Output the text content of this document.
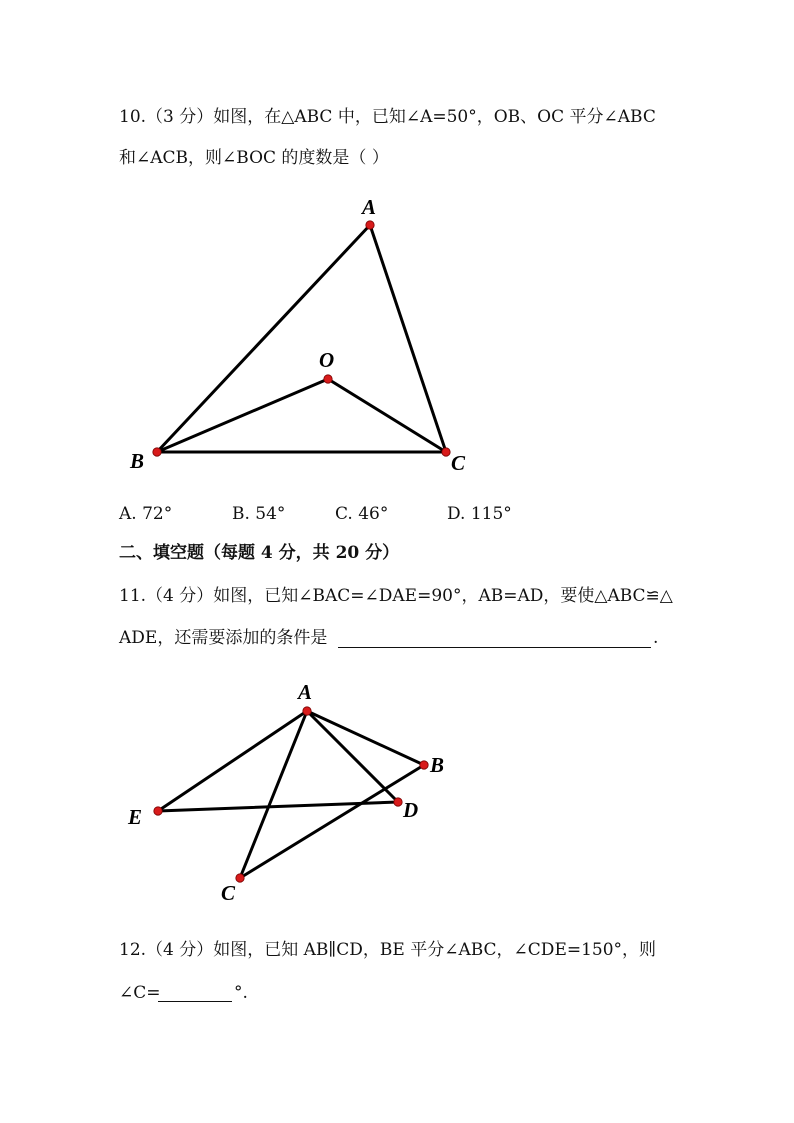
10.（3 分）如图，在△ABC 中，已知∠A=50°，OB、OC 平分∠ABC
和∠ACB，则∠BOC 的度数是（ ）
A
O
B	C
A. 72°	B. 54°	C. 46°	D. 115°
二、填空题（每题 4 分，共 20 分）
11.（4 分）如图，已知∠BAC=∠DAE=90°，AB=AD，要使△ABC≌△
ADE，还需要添加的条件是	.
A
B
D
E
C
12.（4 分）如图，已知 AB∥CD，BE 平分∠ABC，∠CDE=150°，则
∠C=	°.
